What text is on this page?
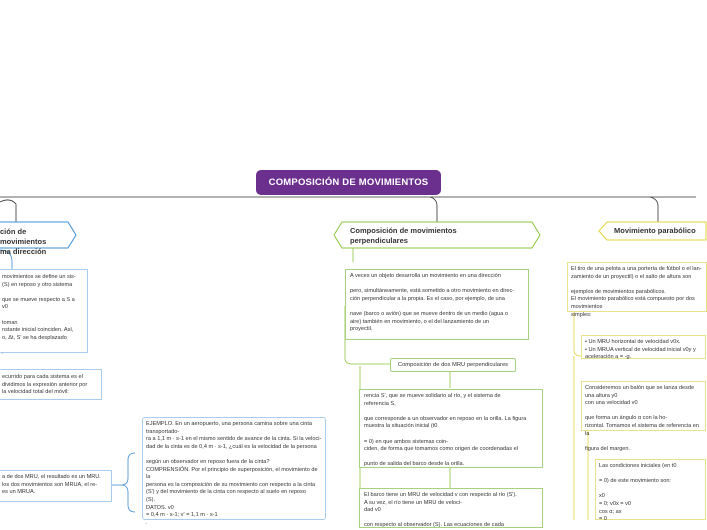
COMPOSICIÓN DE MOVIMIENTOS
ción de movimientos
ma dirección
movimientos se define un sis-
(S) en reposo y otro sistema

que se mueve respecto a S a
v0

toman
nstante inicial coinciden. Así,
o, Δt, S' se ha desplazado

.
ecurrido para cada sistema es el
dividimos la expresión anterior por
la velocidad total del móvil:
a de dos MRU, el resultado es un MRU.
los dos movimientos son MRUA, el re-
es un MRUA.
EJEMPLO. En un aeropuerto, una persona camina sobre una cinta transportado-
ra a 1,1 m · s-1 en el mismo sentido de avance de la cinta. Si la veloci-
dad de la cinta es de 0,4 m · s-1, ¿cuál es la velocidad de la persona

según un observador en reposo fuera de la cinta?
COMPRENSIÓN. Por el principio de superposición, el movimiento de la
persona es la composición de su movimiento con respecto a la cinta
(S') y del movimiento de la cinta con respecto al suelo en reposo
(S).
DATOS. v0
= 0,4 m · s-1; v' = 1,1 m · s-1
.
Composición de movimientos
perpendiculares
A veces un objeto desarrolla un movimiento en una dirección

pero, simultáneamente, está sometido a otro movimiento en direc-
ción perpendicular a la propia. Es el caso, por ejemplo, de una

nave (barco o avión) que se mueve dentro de un medio (agua o
aire) también en movimiento, o el del lanzamiento de un
proyectil.
Composición de dos MRU perpendiculares
rencia S', que se mueve solidario al río, y el sistema de
referencia S,

que corresponde a un observador en reposo en la orilla. La figura
muestra la situación inicial (t0

= 0) en que ambos sistemas coin-
ciden, de forma que tomamos como origen de coordenadas el

punto de salida del barco desde la orilla.
El barco tiene un MRU de velocidad v con respecto al río (S').
A su vez, el río tiene un MRU de veloci-
dad v0

con respecto al observador (S). Las ecuaciones de cada
Movimiento parabólico
El tiro de una pelota a una portería de fútbol o el lan-
zamiento de un proyectil) o el salto de altura son

ejemplos de movimientos parabólicos.
El movimiento parabólico está compuesto por dos movimientos
simples:
• Un MRU horizontal de velocidad v0x.
• Un MRUA vertical de velocidad inicial v0y y aceleración a = -g.
Consideremos un balón que se lanza desde una altura y0
con una velocidad v0

que forma un ángulo α con la ho-
rizontal. Tomamos el sistema de referencia en la

figura del margen.
Las condiciones iniciales (en t0

= 0) de este movimiento son:

x0
= 0; v0x = v0
cos α; ax
= 0
